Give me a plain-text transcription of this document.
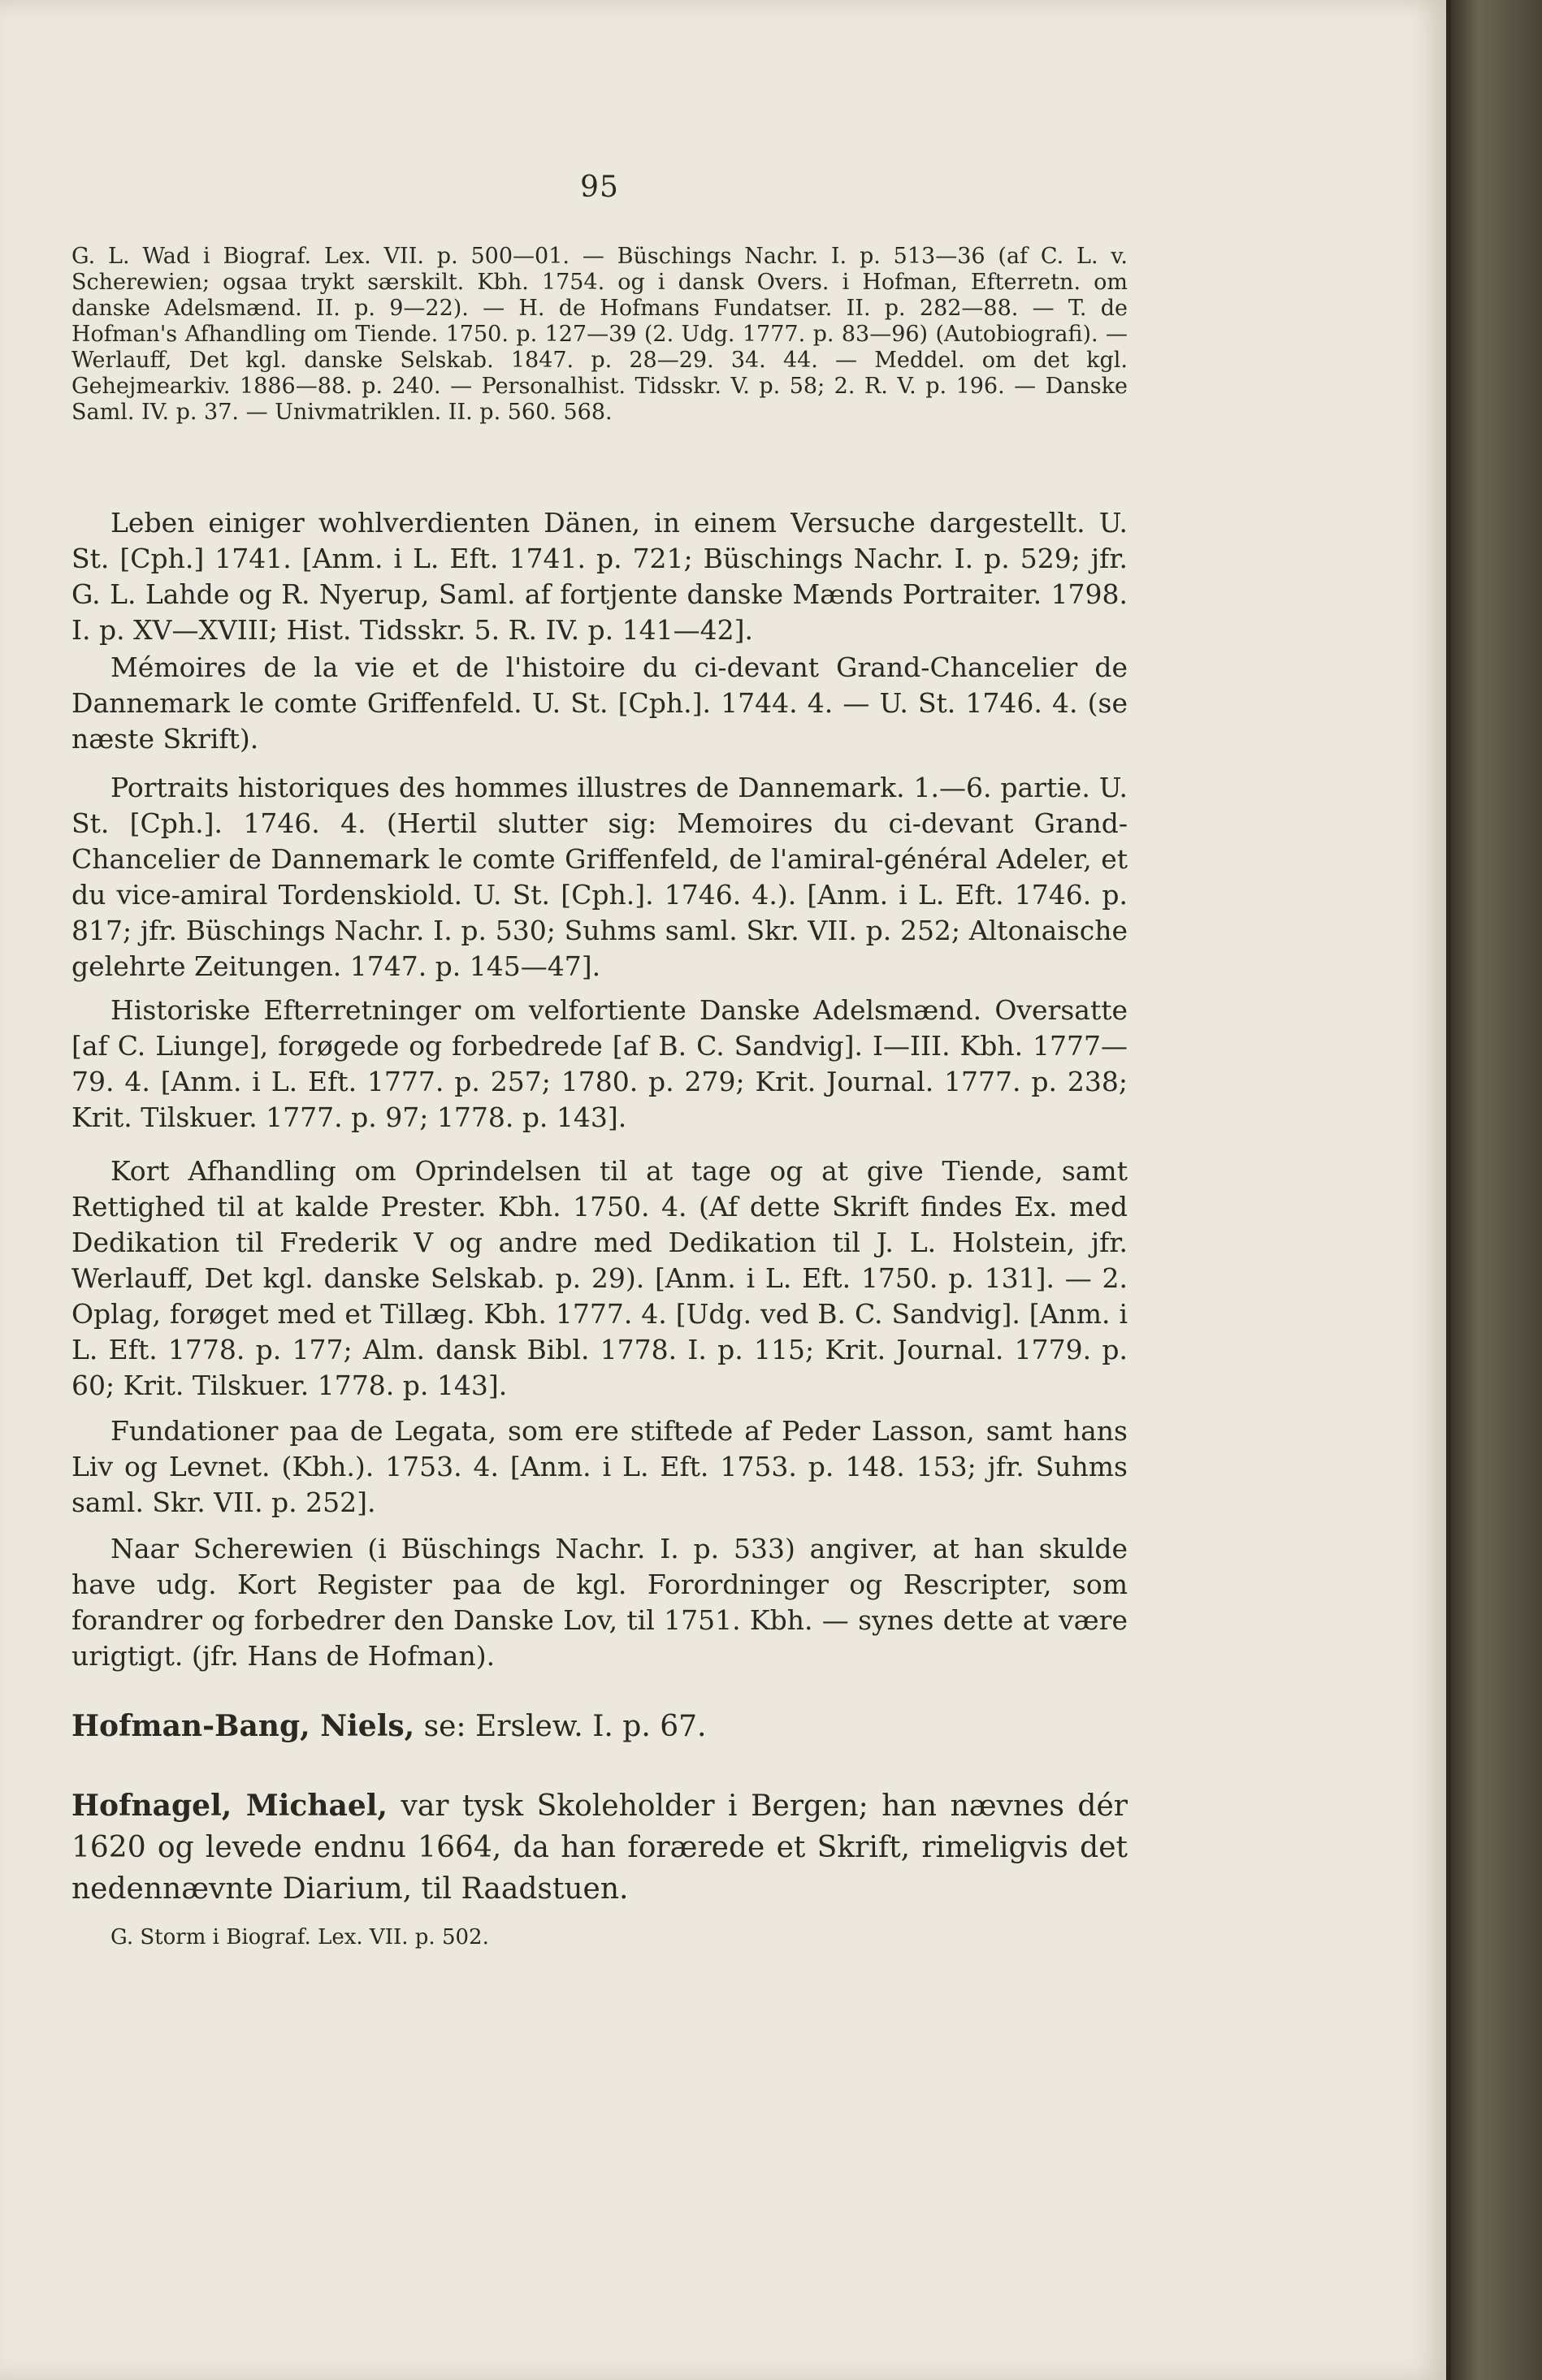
95
G. L. Wad i Biograf. Lex. VII. p. 500—01. — Büschings Nachr. I. p. 513—36 (af C. L. v. Scherewien; ogsaa trykt særskilt. Kbh. 1754. og i dansk Overs. i Hofman, Efterretn. om danske Adelsmænd. II. p. 9—22). — H. de Hofmans Fundatser. II. p. 282—88. — T. de Hofman's Afhandling om Tiende. 1750. p. 127—39 (2. Udg. 1777. p. 83—96) (Autobiografi). — Werlauff, Det kgl. danske Selskab. 1847. p. 28—29. 34. 44. — Meddel. om det kgl. Gehejmearkiv. 1886—88. p. 240. — Personalhist. Tidsskr. V. p. 58; 2. R. V. p. 196. — Danske Saml. IV. p. 37. — Univmatriklen. II. p. 560. 568.
Leben einiger wohlverdienten Dänen, in einem Versuche dargestellt. U. St. [Cph.] 1741. [Anm. i L. Eft. 1741. p. 721; Büschings Nachr. I. p. 529; jfr. G. L. Lahde og R. Nyerup, Saml. af fortjente danske Mænds Portraiter. 1798. I. p. XV—XVIII; Hist. Tidsskr. 5. R. IV. p. 141—42].
Mémoires de la vie et de l'histoire du ci-devant Grand-Chancelier de Dannemark le comte Griffenfeld. U. St. [Cph.]. 1744. 4. — U. St. 1746. 4. (se næste Skrift).
Portraits historiques des hommes illustres de Dannemark. 1.—6. partie. U. St. [Cph.]. 1746. 4. (Hertil slutter sig: Memoires du ci-devant Grand-Chancelier de Dannemark le comte Griffenfeld, de l'amiral-général Adeler, et du vice-amiral Tordenskiold. U. St. [Cph.]. 1746. 4.). [Anm. i L. Eft. 1746. p. 817; jfr. Büschings Nachr. I. p. 530; Suhms saml. Skr. VII. p. 252; Altonaische gelehrte Zeitungen. 1747. p. 145—47].
Historiske Efterretninger om velfortiente Danske Adelsmænd. Oversatte [af C. Liunge], forøgede og forbedrede [af B. C. Sandvig]. I—III. Kbh. 1777—79. 4. [Anm. i L. Eft. 1777. p. 257; 1780. p. 279; Krit. Journal. 1777. p. 238; Krit. Tilskuer. 1777. p. 97; 1778. p. 143].
Kort Afhandling om Oprindelsen til at tage og at give Tiende, samt Rettighed til at kalde Prester. Kbh. 1750. 4. (Af dette Skrift findes Ex. med Dedikation til Frederik V og andre med Dedikation til J. L. Holstein, jfr. Werlauff, Det kgl. danske Selskab. p. 29). [Anm. i L. Eft. 1750. p. 131]. — 2. Oplag, forøget med et Tillæg. Kbh. 1777. 4. [Udg. ved B. C. Sandvig]. [Anm. i L. Eft. 1778. p. 177; Alm. dansk Bibl. 1778. I. p. 115; Krit. Journal. 1779. p. 60; Krit. Tilskuer. 1778. p. 143].
Fundationer paa de Legata, som ere stiftede af Peder Lasson, samt hans Liv og Levnet. (Kbh.). 1753. 4. [Anm. i L. Eft. 1753. p. 148. 153; jfr. Suhms saml. Skr. VII. p. 252].
Naar Scherewien (i Büschings Nachr. I. p. 533) angiver, at han skulde have udg. Kort Register paa de kgl. Forordninger og Rescripter, som forandrer og forbedrer den Danske Lov, til 1751. Kbh. — synes dette at være urigtigt. (jfr. Hans de Hofman).
Hofman-Bang, Niels, se: Erslew. I. p. 67.
Hofnagel, Michael, var tysk Skoleholder i Bergen; han nævnes dér 1620 og levede endnu 1664, da han forærede et Skrift, rimeligvis det nedennævnte Diarium, til Raadstuen.
G. Storm i Biograf. Lex. VII. p. 502.
